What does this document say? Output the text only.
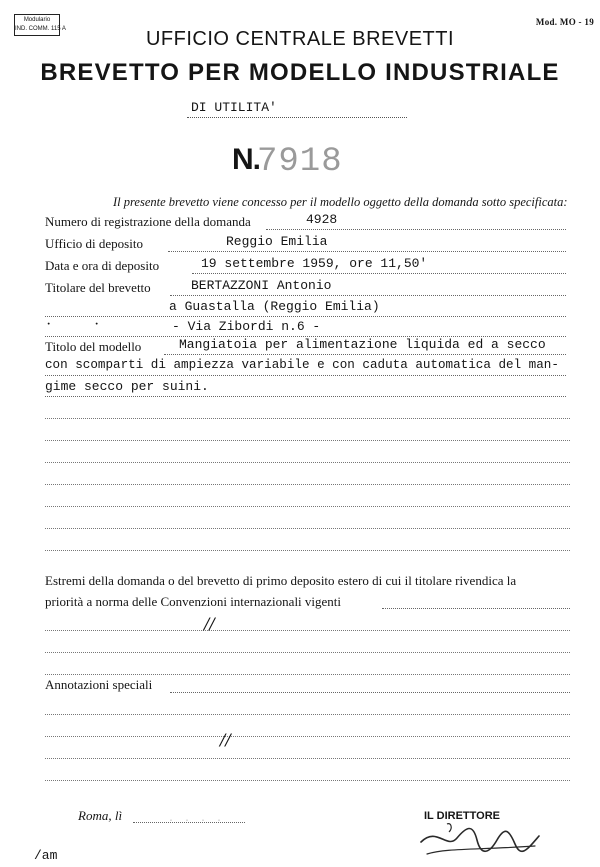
Modulario
IND. COMM. 115 A
Mod. MO - 19
UFFICIO CENTRALE BREVETTI
BREVETTO PER MODELLO INDUSTRIALE
DI UTILITA'
N.
7918
Il presente brevetto viene concesso per il modello oggetto della domanda sotto specificata:
Numero di registrazione della domanda	4928
Ufficio di deposito	Reggio Emilia
Data e ora di deposito	19 settembre 1959, ore 11,50'
Titolare del brevetto	BERTAZZONI Antonio
a Guastalla (Reggio Emilia)
·	·	- Via Zibordi n.6 -
Titolo del modello	Mangiatoia per alimentazione liquida ed a secco
con scomparti di ampiezza variabile e con caduta automatica del man-
gime secco per suini.
Estremi della domanda o del brevetto di primo deposito estero di cui il titolare rivendica la
priorità a norma delle Convenzioni internazionali vigenti
//
Annotazioni speciali
//
Roma, lì	· · · ·	IL DIRETTORE
/am
